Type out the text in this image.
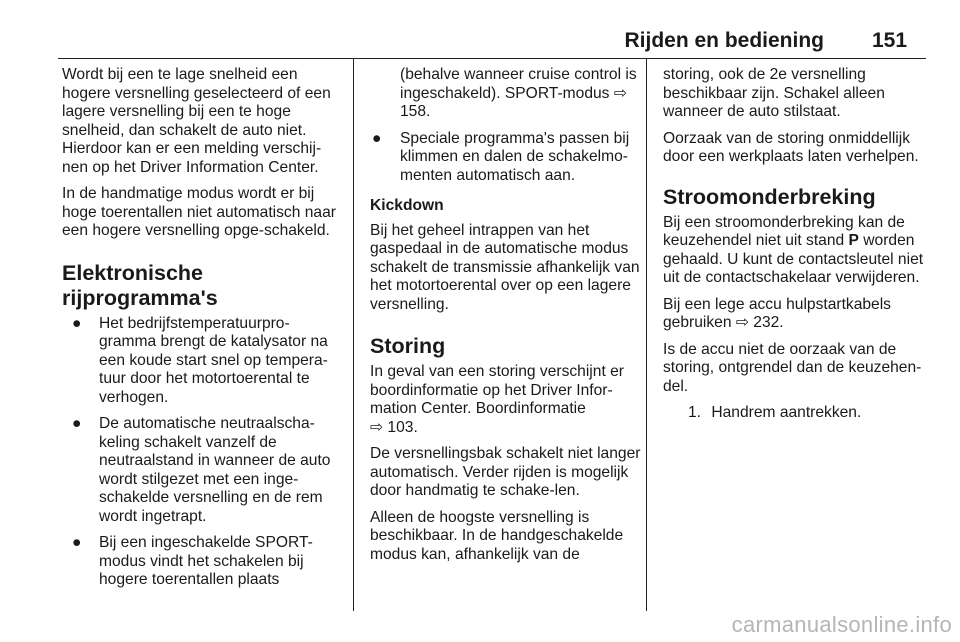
Rijden en bediening 151

Wordt bij een te lage snelheid een hogere versnelling geselecteerd of een lagere versnelling bij een te hoge snelheid, dan schakelt de auto niet. Hierdoor kan er een melding verschij-nen op het Driver Information Center.

In de handmatige modus wordt er bij hoge toerentallen niet automatisch naar een hogere versnelling opge-schakeld.

Elektronische rijprogramma's
● Het bedrijfstemperatuurpro-gramma brengt de katalysator na een koude start snel op tempera-tuur door het motortoerental te verhogen.
● De automatische neutraalscha-keling schakelt vanzelf de neutraalstand in wanneer de auto wordt stilgezet met een inge-schakelde versnelling en de rem wordt ingetrapt.
● Bij een ingeschakelde SPORT-modus vindt het schakelen bij hogere toerentallen plaats
(behalve wanneer cruise control is ingeschakeld). SPORT-modus ⇨ 158.
● Speciale programma's passen bij klimmen en dalen de schakelmo-menten automatisch aan.
Kickdown

Bij het geheel intrappen van het gaspedaal in de automatische modus schakelt de transmissie afhankelijk van het motortoerental over op een lagere versnelling.

Storing

In geval van een storing verschijnt er boordinformatie op het Driver Infor-mation Center. Boordinformatie
⇨ 103.

De versnellingsbak schakelt niet langer automatisch. Verder rijden is mogelijk door handmatig te schake-len.

Alleen de hoogste versnelling is beschikbaar. In de handgeschakelde modus kan, afhankelijk van de

storing, ook de 2e versnelling beschikbaar zijn. Schakel alleen wanneer de auto stilstaat.

Oorzaak van de storing onmiddellijk door een werkplaats laten verhelpen.

Stroomonderbreking

Bij een stroomonderbreking kan de keuzehendel niet uit stand P worden gehaald. U kunt de contactsleutel niet uit de contactschakelaar verwijderen.

Bij een lege accu hulpstartkabels gebruiken ⇨ 232.

Is de accu niet de oorzaak van de storing, ontgrendel dan de keuzehen-del.

1. Handrem aantrekken.
carmanualsonline.info
